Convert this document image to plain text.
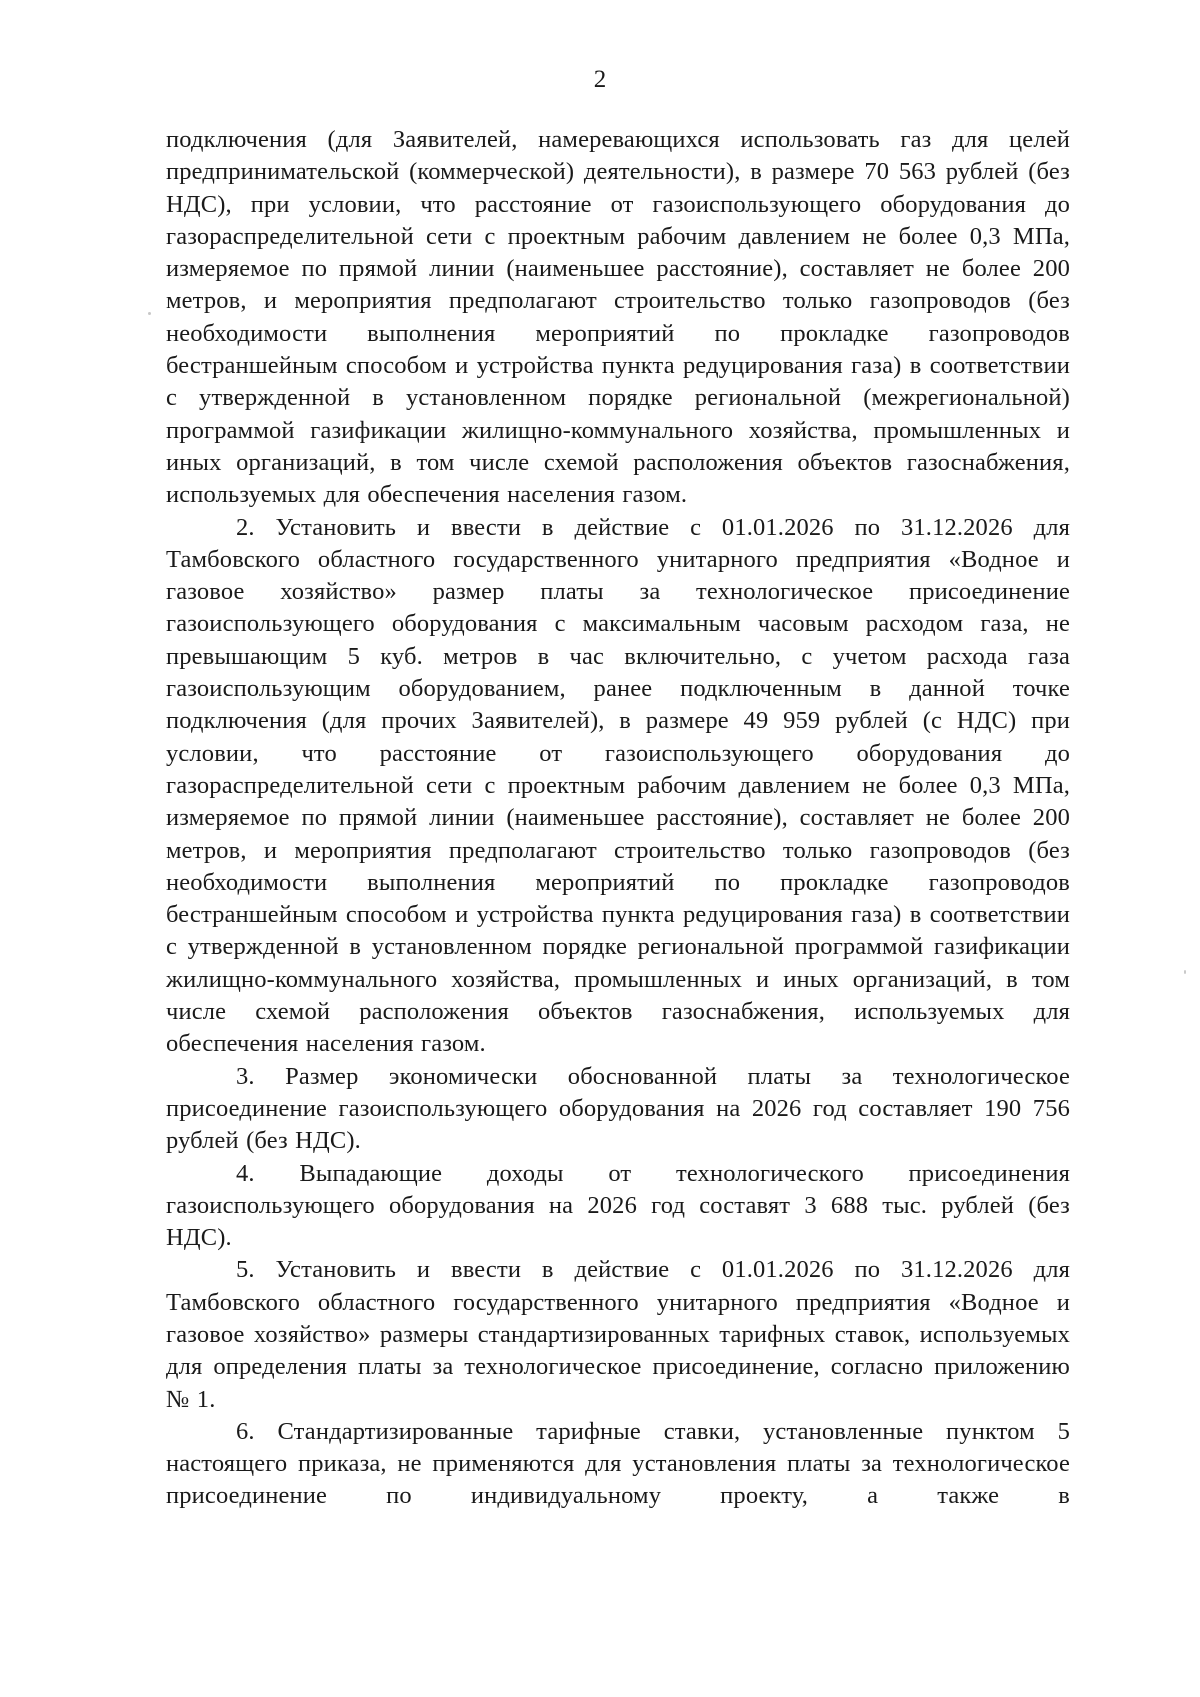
2

подключения (для Заявителей, намеревающихся использовать газ для целей предпринимательской (коммерческой) деятельности), в размере 70 563 рублей (без НДС), при условии, что расстояние от газоиспользующего оборудования до газораспределительной сети с проектным рабочим давлением не более 0,3 МПа, измеряемое по прямой линии (наименьшее расстояние), составляет не более 200 метров, и мероприятия предполагают строительство только газопроводов (без необходимости выполнения мероприятий по прокладке газопроводов бестраншейным способом и устройства пункта редуцирования газа) в соответствии с утвержденной в установленном порядке региональной (межрегиональной) программой газификации жилищно-коммунального хозяйства, промышленных и иных организаций, в том числе схемой расположения объектов газоснабжения, используемых для обеспечения населения газом.

2. Установить и ввести в действие с 01.01.2026 по 31.12.2026 для Тамбовского областного государственного унитарного предприятия «Водное и газовое хозяйство» размер платы за технологическое присоединение газоиспользующего оборудования с максимальным часовым расходом газа, не превышающим 5 куб. метров в час включительно, с учетом расхода газа газоиспользующим оборудованием, ранее подключенным в данной точке подключения (для прочих Заявителей), в размере 49 959 рублей (с НДС) при условии, что расстояние от газоиспользующего оборудования до газораспределительной сети с проектным рабочим давлением не более 0,3 МПа, измеряемое по прямой линии (наименьшее расстояние), составляет не более 200 метров, и мероприятия предполагают строительство только газопроводов (без необходимости выполнения мероприятий по прокладке газопроводов бестраншейным способом и устройства пункта редуцирования газа) в соответствии с утвержденной в установленном порядке региональной программой газификации жилищно-коммунального хозяйства, промышленных и иных организаций, в том числе схемой расположения объектов газоснабжения, используемых для обеспечения населения газом.

3. Размер экономически обоснованной платы за технологическое присоединение газоиспользующего оборудования на 2026 год составляет 190 756 рублей (без НДС).

4. Выпадающие доходы от технологического присоединения газоиспользующего оборудования на 2026 год составят 3 688 тыс. рублей (без НДС).

5. Установить и ввести в действие с 01.01.2026 по 31.12.2026 для Тамбовского областного государственного унитарного предприятия «Водное и газовое хозяйство» размеры стандартизированных тарифных ставок, используемых для определения платы за технологическое присоединение, согласно приложению № 1.

6. Стандартизированные тарифные ставки, установленные пунктом 5 настоящего приказа, не применяются для установления платы за технологическое присоединение по индивидуальному проекту, а также в
